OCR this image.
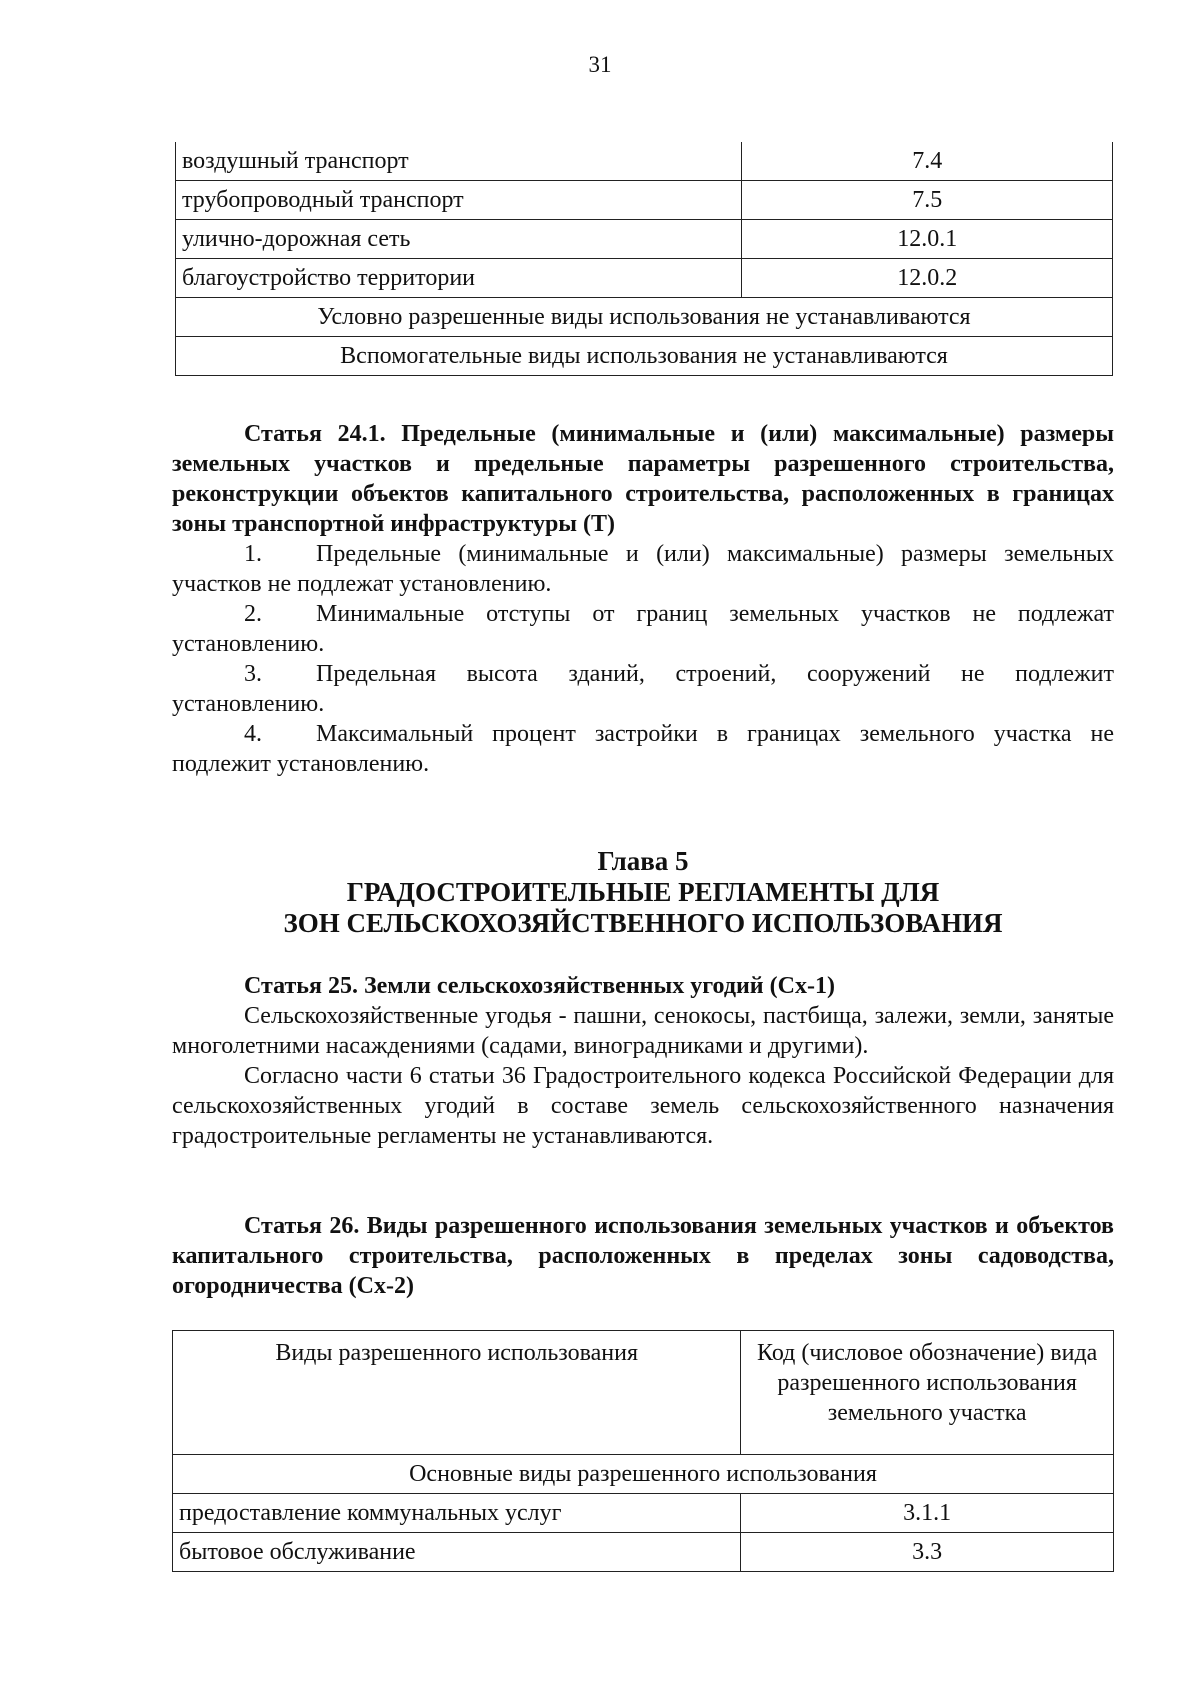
31
воздушный транспорт	7.4
трубопроводный транспорт	7.5
улично-дорожная сеть	12.0.1
благоустройство территории	12.0.2
Условно разрешенные виды использования не устанавливаются	
Вспомогательные виды использования не устанавливаются	
Статья 24.1. Предельные (минимальные и (или) максимальные) размеры земельных участков и предельные параметры разрешенного строительства, реконструкции объектов капитального строительства, расположенных в границах зоны транспортной инфраструктуры (Т)
1. Предельные (минимальные и (или) максимальные) размеры земельных участков не подлежат установлению.
2. Минимальные отступы от границ земельных участков не подлежат установлению.
3. Предельная высота зданий, строений, сооружений не подлежит установлению.
4. Максимальный процент застройки в границах земельного участка не подлежит установлению.
Глава 5
ГРАДОСТРОИТЕЛЬНЫЕ РЕГЛАМЕНТЫ ДЛЯ
ЗОН СЕЛЬСКОХОЗЯЙСТВЕННОГО ИСПОЛЬЗОВАНИЯ
Статья 25. Земли сельскохозяйственных угодий (Сх-1)
Сельскохозяйственные угодья - пашни, сенокосы, пастбища, залежи, земли, занятые многолетними насаждениями (садами, виноградниками и другими).
Согласно части 6 статьи 36 Градостроительного кодекса Российской Федерации для сельскохозяйственных угодий в составе земель сельскохозяйственного назначения градостроительные регламенты не устанавливаются.
Статья 26. Виды разрешенного использования земельных участков и объектов капитального строительства, расположенных в пределах зоны садоводства, огородничества (Сх-2)
Виды разрешенного использования	Код (числовое обозначение) вида разрешенного использования земельного участка
Основные виды разрешенного использования	
предоставление коммунальных услуг	3.1.1
бытовое обслуживание	3.3
